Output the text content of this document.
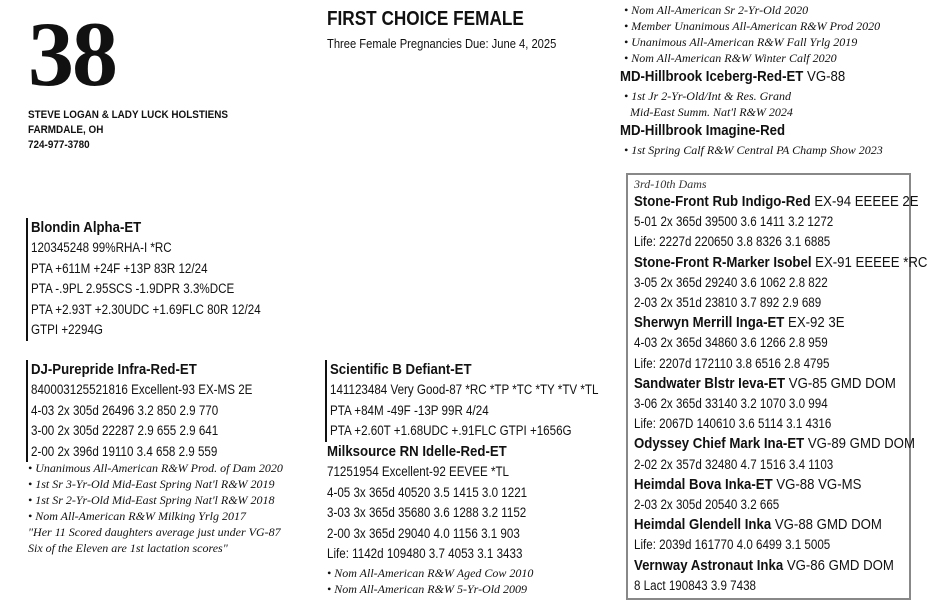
38
STEVE LOGAN & LADY LUCK HOLSTIENS
FARMDALE, OH
724-977-3780
FIRST CHOICE FEMALE
Three Female Pregnancies Due: June 4, 2025
• Nom All-American Sr 2-Yr-Old 2020
• Member Unanimous All-American R&W Prod 2020
• Unanimous All-American R&W Fall Yrlg 2019
• Nom All-American R&W Winter Calf 2020
MD-Hillbrook Iceberg-Red-ET VG-88
• 1st Jr 2-Yr-Old/Int & Res. Grand
Mid-East Summ. Nat'l R&W 2024
MD-Hillbrook Imagine-Red
• 1st Spring Calf R&W Central PA Champ Show 2023
Blondin Alpha-ET
120345248 99%RHA-I *RC
PTA +611M +24F +13P 83R 12/24
PTA -.9PL 2.95SCS -1.9DPR 3.3%DCE
PTA +2.93T +2.30UDC +1.69FLC 80R 12/24
GTPI +2294G
DJ-Purepride Infra-Red-ET
840003125521816 Excellent-93 EX-MS 2E
4-03 2x 305d 26496 3.2 850 2.9 770
3-00 2x 305d 22287 2.9 655 2.9 641
2-00 2x 396d 19110 3.4 658 2.9 559
• Unanimous All-American R&W Prod. of Dam 2020
• 1st Sr 3-Yr-Old Mid-East Spring Nat'l R&W 2019
• 1st Sr 2-Yr-Old Mid-East Spring Nat'l R&W 2018
• Nom All-American R&W Milking Yrlg 2017
"Her 11 Scored daughters average just under VG-87
Six of the Eleven are 1st lactation scores"
Scientific B Defiant-ET
141123484 Very Good-87 *RC *TP *TC *TY *TV *TL
PTA +84M -49F -13P 99R 4/24
PTA +2.60T +1.68UDC +.91FLC GTPI +1656G
Milksource RN Idelle-Red-ET
71251954 Excellent-92 EEVEE *TL
4-05 3x 365d 40520 3.5 1415 3.0 1221
3-03 3x 365d 35680 3.6 1288 3.2 1152
2-00 3x 365d 29040 4.0 1156 3.1 903
Life: 1142d 109480 3.7 4053 3.1 3433
• Nom All-American R&W Aged Cow 2010
• Nom All-American R&W 5-Yr-Old 2009
3rd-10th Dams
Stone-Front Rub Indigo-Red EX-94 EEEEE 2E
5-01 2x 365d 39500 3.6 1411 3.2 1272
Life: 2227d 220650 3.8 8326 3.1 6885
Stone-Front R-Marker Isobel EX-91 EEEEE *RC
3-05 2x 365d 29240 3.6 1062 2.8 822
2-03 2x 351d 23810 3.7 892 2.9 689
Sherwyn Merrill Inga-ET EX-92 3E
4-03 2x 365d 34860 3.6 1266 2.8 959
Life: 2207d 172110 3.8 6516 2.8 4795
Sandwater Blstr Ieva-ET VG-85 GMD DOM
3-06 2x 365d 33140 3.2 1070 3.0 994
Life: 2067D 140610 3.6 5114 3.1 4316
Odyssey Chief Mark Ina-ET VG-89 GMD DOM
2-02 2x 357d 32480 4.7 1516 3.4 1103
Heimdal Bova Inka-ET VG-88 VG-MS
2-03 2x 305d 20540 3.2 665
Heimdal Glendell Inka VG-88 GMD DOM
Life: 2039d 161770 4.0 6499 3.1 5005
Vernway Astronaut Inka VG-86 GMD DOM
8 Lact 190843 3.9 7438
